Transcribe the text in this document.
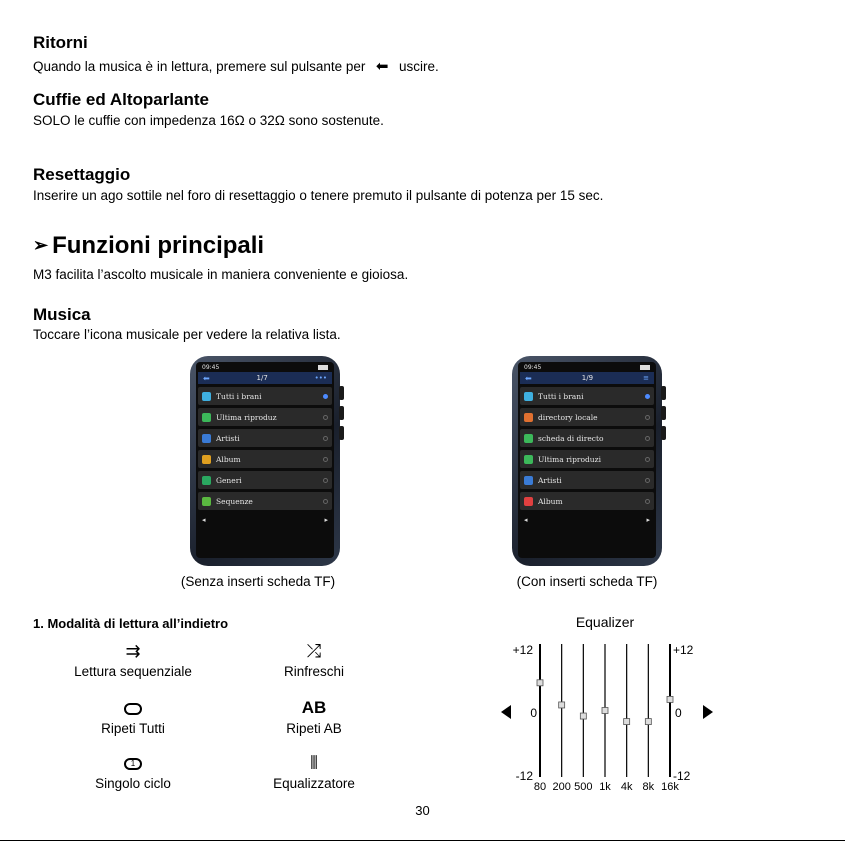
Ritorni
Quando la musica è in lettura, premere sul pulsante per ⬅ uscire.
Cuffie ed Altoparlante
SOLO le cuffie con impedenza 16Ω o 32Ω sono sostenute.
Resettaggio
Inserire un ago sottile nel foro di resettaggio o tenere premuto il pulsante di potenza per 15 sec.
➢ Funzioni principali
M3 facilita l’ascolto musicale in maniera conveniente e gioiosa.
Musica
Toccare l’icona musicale per vedere la relativa lista.
09:45
⬅	1/7	•••
Tutti i brani
Ultima riproduz
Artisti
Album
Generi
Sequenze
◂	▸
(Senza inserti scheda TF)
09:45
⬅	1/9	≡
Tutti i brani
directory locale
scheda di directo
Ultima riproduzi
Artisti
Album
◂	▸
(Con inserti scheda TF)
1. Modalità di lettura all’indietro
⇉
Lettura sequenziale
⤮
Rinfreschi
Ripeti Tutti
AB
Ripeti AB
1
Singolo ciclo
⫴
Equalizzatore
Equalizer
+12
0
-12
+12
0
-12
80 200 500 1k 4k 8k 16k
30
